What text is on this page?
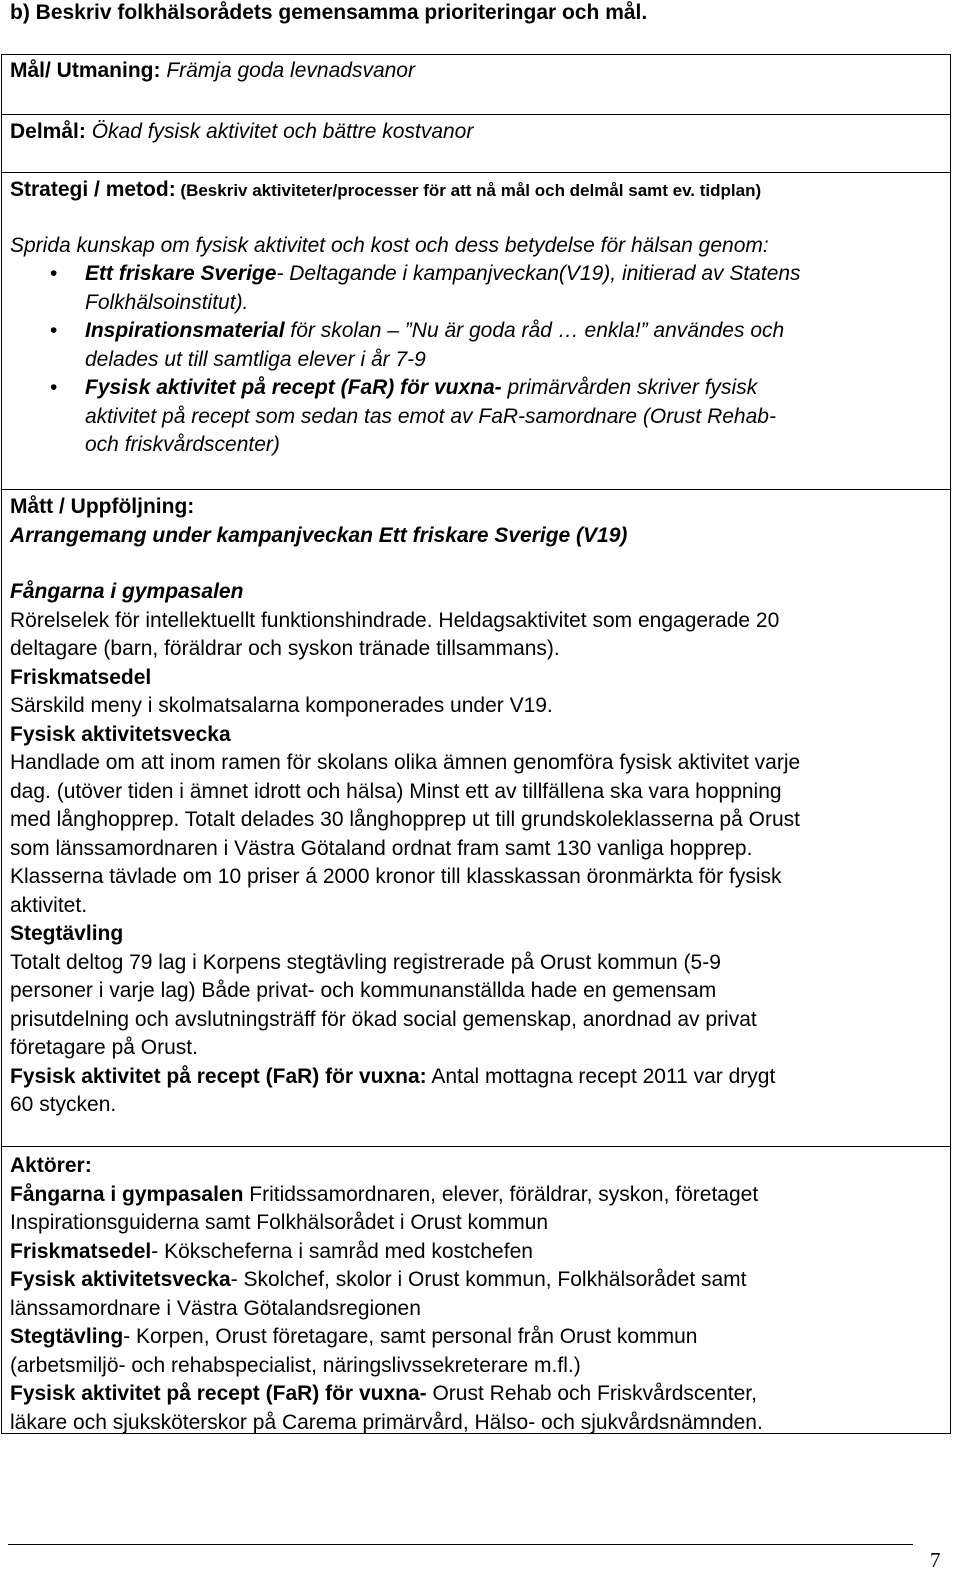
b) Beskriv folkhälsorådets gemensamma prioriteringar och mål.
Mål/ Utmaning: Främja goda levnadsvanor
Delmål: Ökad fysisk aktivitet och bättre kostvanor
Strategi / metod: (Beskriv aktiviteter/processer för att nå mål och delmål samt ev. tidplan)
Sprida kunskap om fysisk aktivitet och kost och dess betydelse för hälsan genom:
• Ett friskare Sverige- Deltagande i kampanjveckan(V19), initierad av Statens
Folkhälsoinstitut).
• Inspirationsmaterial för skolan – ”Nu är goda råd … enkla!” användes och
delades ut till samtliga elever i år 7-9
• Fysisk aktivitet på recept (FaR) för vuxna- primärvården skriver fysisk
aktivitet på recept som sedan tas emot av FaR-samordnare (Orust Rehab-
och friskvårdscenter)
Mått / Uppföljning:
Arrangemang under kampanjveckan Ett friskare Sverige (V19)
Fångarna i gympasalen
Rörelselek för intellektuellt funktionshindrade. Heldagsaktivitet som engagerade 20
deltagare (barn, föräldrar och syskon tränade tillsammans).
Friskmatsedel
Särskild meny i skolmatsalarna komponerades under V19.
Fysisk aktivitetsvecka
Handlade om att inom ramen för skolans olika ämnen genomföra fysisk aktivitet varje
dag. (utöver tiden i ämnet idrott och hälsa) Minst ett av tillfällena ska vara hoppning
med långhopprep. Totalt delades 30 långhopprep ut till grundskoleklasserna på Orust
som länssamordnaren i Västra Götaland ordnat fram samt 130 vanliga hopprep.
Klasserna tävlade om 10 priser á 2000 kronor till klasskassan öronmärkta för fysisk
aktivitet.
Stegtävling
Totalt deltog 79 lag i Korpens stegtävling registrerade på Orust kommun (5-9
personer i varje lag) Både privat- och kommunanställda hade en gemensam
prisutdelning och avslutningsträff för ökad social gemenskap, anordnad av privat
företagare på Orust.
Fysisk aktivitet på recept (FaR) för vuxna: Antal mottagna recept 2011 var drygt
60 stycken.
Aktörer:
Fångarna i gympasalen Fritidssamordnaren, elever, föräldrar, syskon, företaget
Inspirationsguiderna samt Folkhälsorådet i Orust kommun
Friskmatsedel- Kökscheferna i samråd med kostchefen
Fysisk aktivitetsvecka- Skolchef, skolor i Orust kommun, Folkhälsorådet samt
länssamordnare i Västra Götalandsregionen
Stegtävling- Korpen, Orust företagare, samt personal från Orust kommun
(arbetsmiljö- och rehabspecialist, näringslivssekreterare m.fl.)
Fysisk aktivitet på recept (FaR) för vuxna- Orust Rehab och Friskvårdscenter,
läkare och sjuksköterskor på Carema primärvård, Hälso- och sjukvårdsnämnden.
7
